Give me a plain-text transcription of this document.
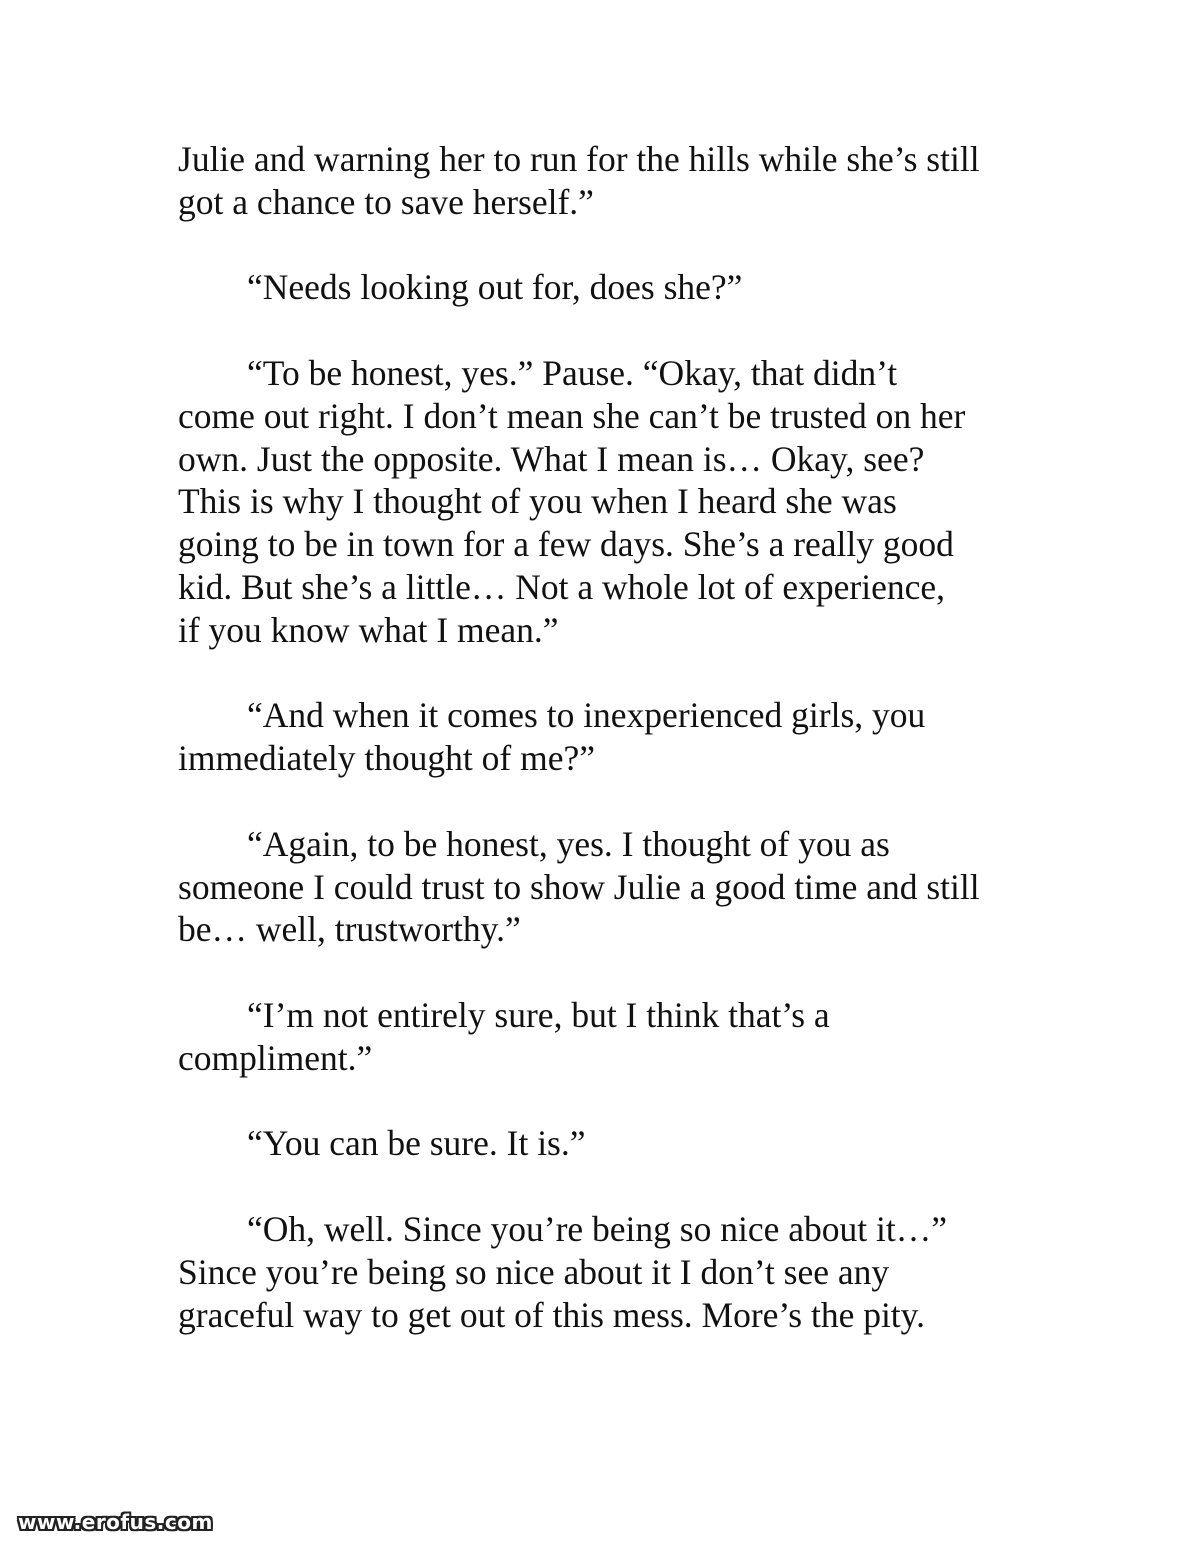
Julie and warning her to run for the hills while she’s still
got a chance to save herself.”

“Needs looking out for, does she?”

“To be honest, yes.” Pause. “Okay, that didn’t
come out right. I don’t mean she can’t be trusted on her
own. Just the opposite. What I mean is… Okay, see?
This is why I thought of you when I heard she was
going to be in town for a few days. She’s a really good
kid. But she’s a little… Not a whole lot of experience,
if you know what I mean.”

“And when it comes to inexperienced girls, you
immediately thought of me?”

“Again, to be honest, yes. I thought of you as
someone I could trust to show Julie a good time and still
be… well, trustworthy.”

“I’m not entirely sure, but I think that’s a
compliment.”

“You can be sure. It is.”

“Oh, well. Since you’re being so nice about it…”
Since you’re being so nice about it I don’t see any
graceful way to get out of this mess. More’s the pity.

www.erofus.com
